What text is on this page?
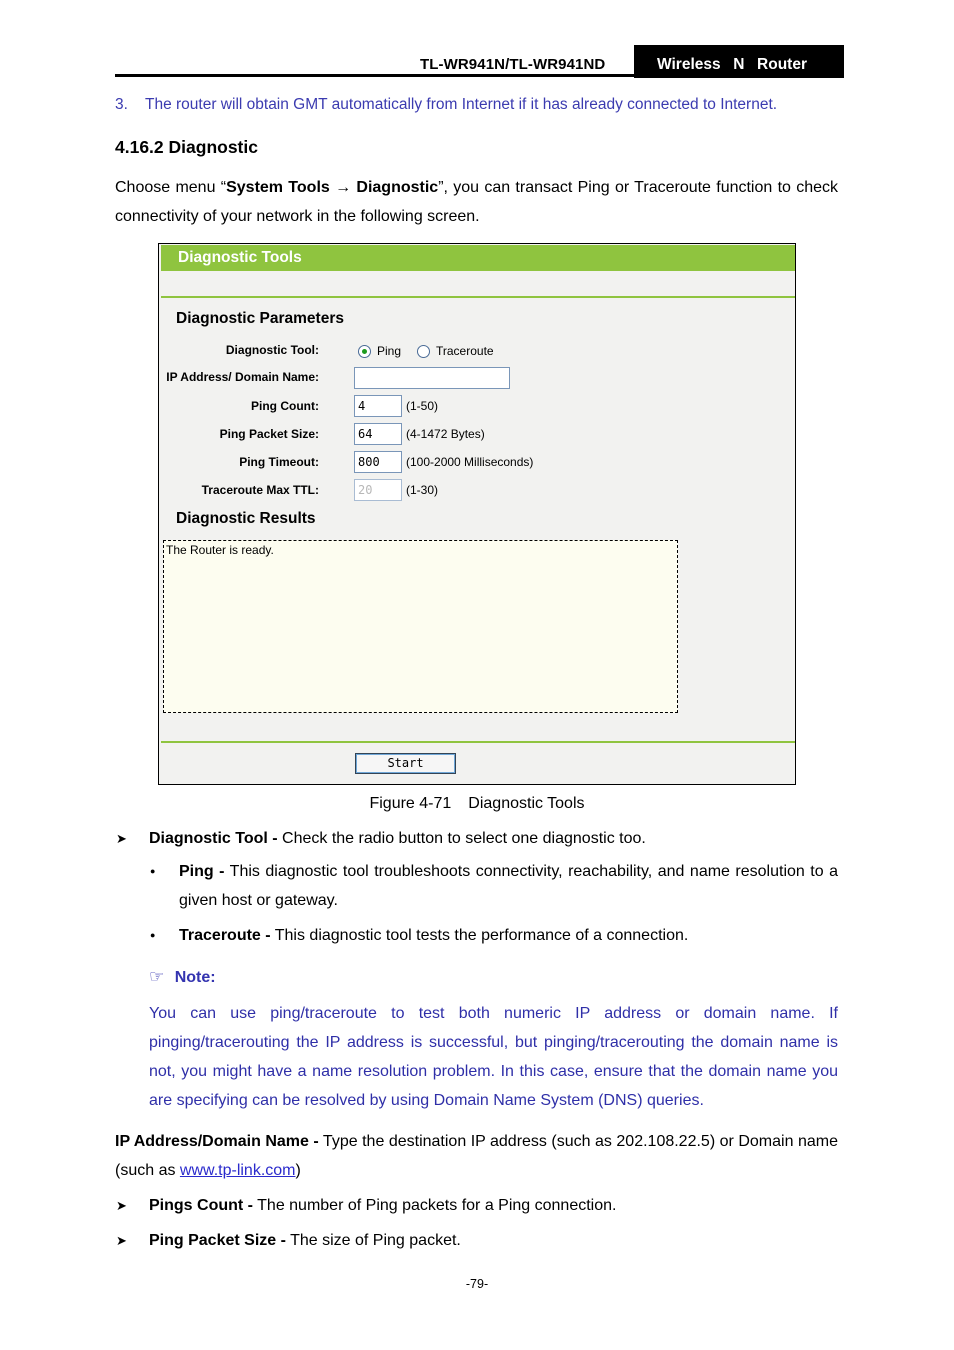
TL-WR941N/TL-WR941ND	Wireless  N  Router
3. The router will obtain GMT automatically from Internet if it has already connected to Internet.
4.16.2 Diagnostic
Choose menu “System Tools → Diagnostic”, you can transact Ping or Traceroute function to check connectivity of your network in the following screen.
Diagnostic Tools
Diagnostic Parameters
Diagnostic Tool:	Ping	Traceroute
IP Address/ Domain Name:
Ping Count:	4	(1-50)
Ping Packet Size:	64	(4-1472 Bytes)
Ping Timeout:	800	(100-2000 Milliseconds)
Traceroute Max TTL:	20	(1-30)
Diagnostic Results
The Router is ready.
Start
Figure 4-71 Diagnostic Tools
➤ Diagnostic Tool - Check the radio button to select one diagnostic too.
● Ping - This diagnostic tool troubleshoots connectivity, reachability, and name resolution to a given host or gateway.
● Traceroute - This diagnostic tool tests the performance of a connection.
☞ Note:
You can use ping/traceroute to test both numeric IP address or domain name. If pinging/tracerouting the IP address is successful, but pinging/tracerouting the domain name is not, you might have a name resolution problem. In this case, ensure that the domain name you are specifying can be resolved by using Domain Name System (DNS) queries.
IP Address/Domain Name - Type the destination IP address (such as 202.108.22.5) or Domain name (such as www.tp-link.com)
➤ Pings Count - The number of Ping packets for a Ping connection.
➤ Ping Packet Size - The size of Ping packet.
-79-
